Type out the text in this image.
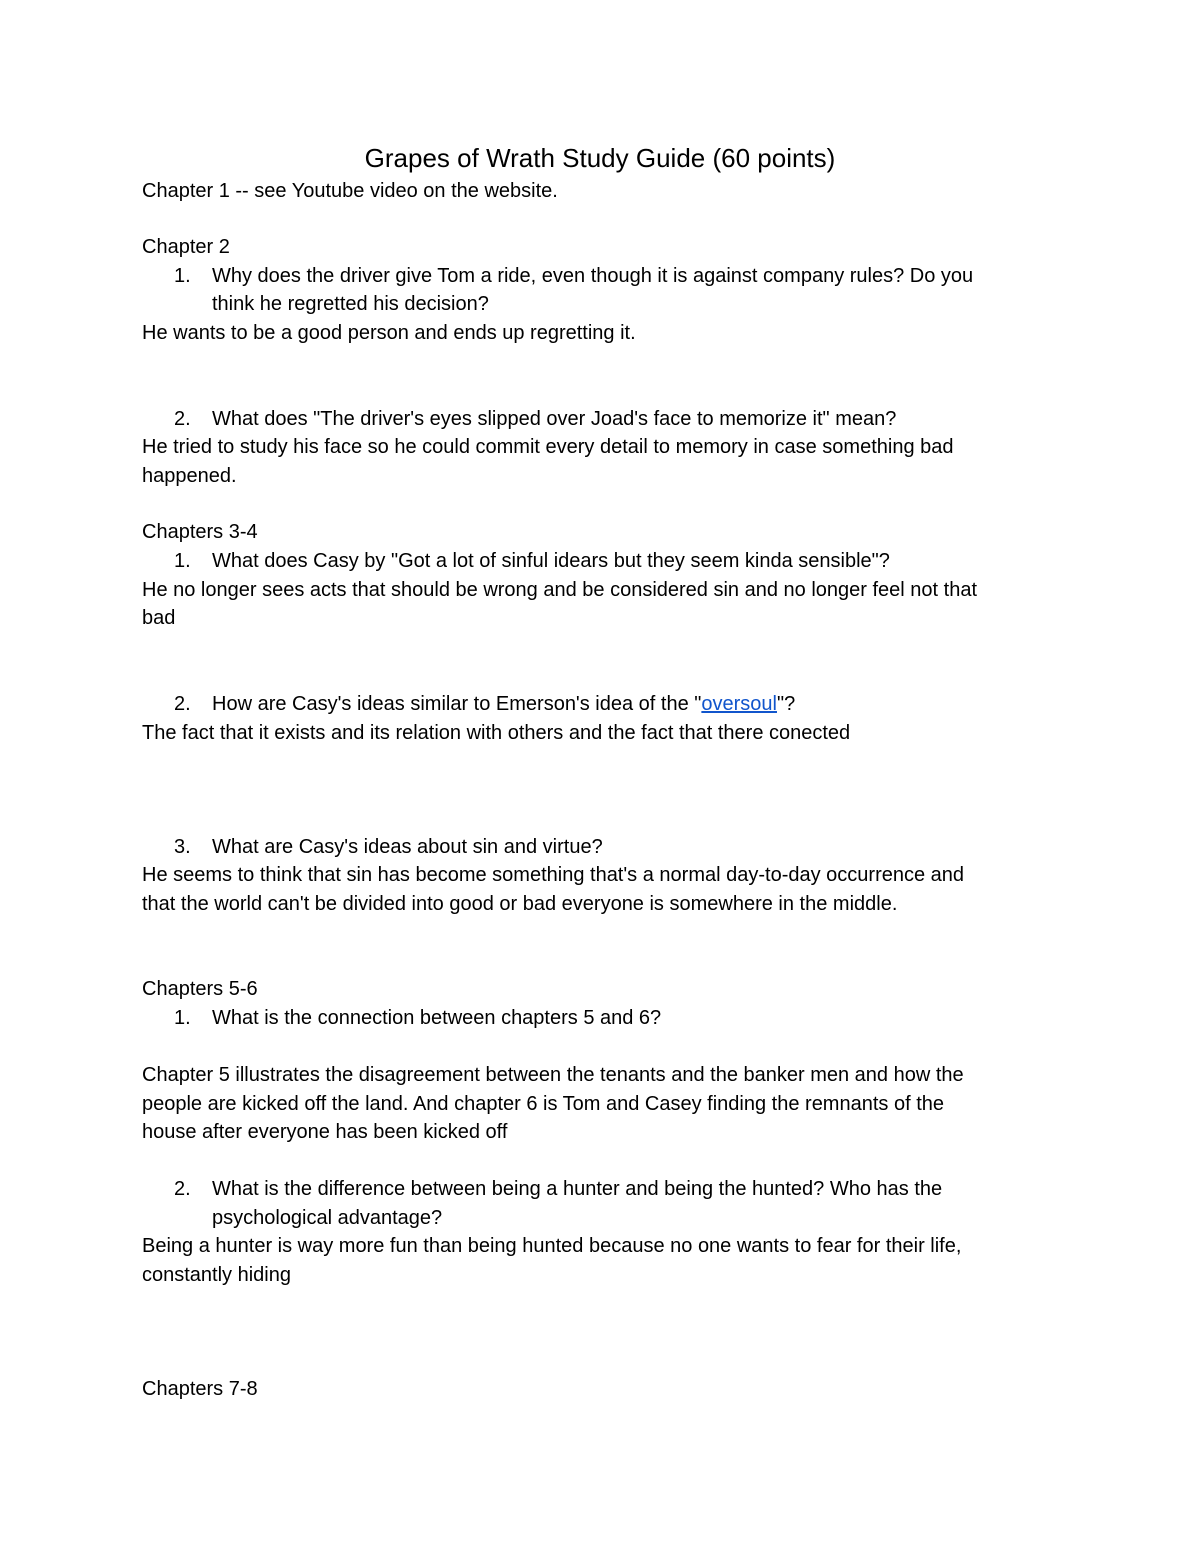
Grapes of Wrath Study Guide (60 points)
Chapter 1 -- see Youtube video on the website.
Chapter 2
1. Why does the driver give Tom a ride, even though it is against company rules? Do you
think he regretted his decision?
He wants to be a good person and ends up regretting it.
2. What does "The driver's eyes slipped over Joad's face to memorize it" mean?
He tried to study his face so he could commit every detail to memory in case something bad
happened.
Chapters 3-4
1. What does Casy by "Got a lot of sinful idears but they seem kinda sensible"?
He no longer sees acts that should be wrong and be considered sin and no longer feel not that
bad
2. How are Casy's ideas similar to Emerson's idea of the "oversoul"?
The fact that it exists and its relation with others and the fact that there conected
3. What are Casy's ideas about sin and virtue?
He seems to think that sin has become something that's a normal day-to-day occurrence and
that the world can't be divided into good or bad everyone is somewhere in the middle.
Chapters 5-6
1. What is the connection between chapters 5 and 6?
Chapter 5 illustrates the disagreement between the tenants and the banker men and how the
people are kicked off the land. And chapter 6 is Tom and Casey finding the remnants of the
house after everyone has been kicked off
2. What is the difference between being a hunter and being the hunted? Who has the
psychological advantage?
Being a hunter is way more fun than being hunted because no one wants to fear for their life,
constantly hiding
Chapters 7-8
